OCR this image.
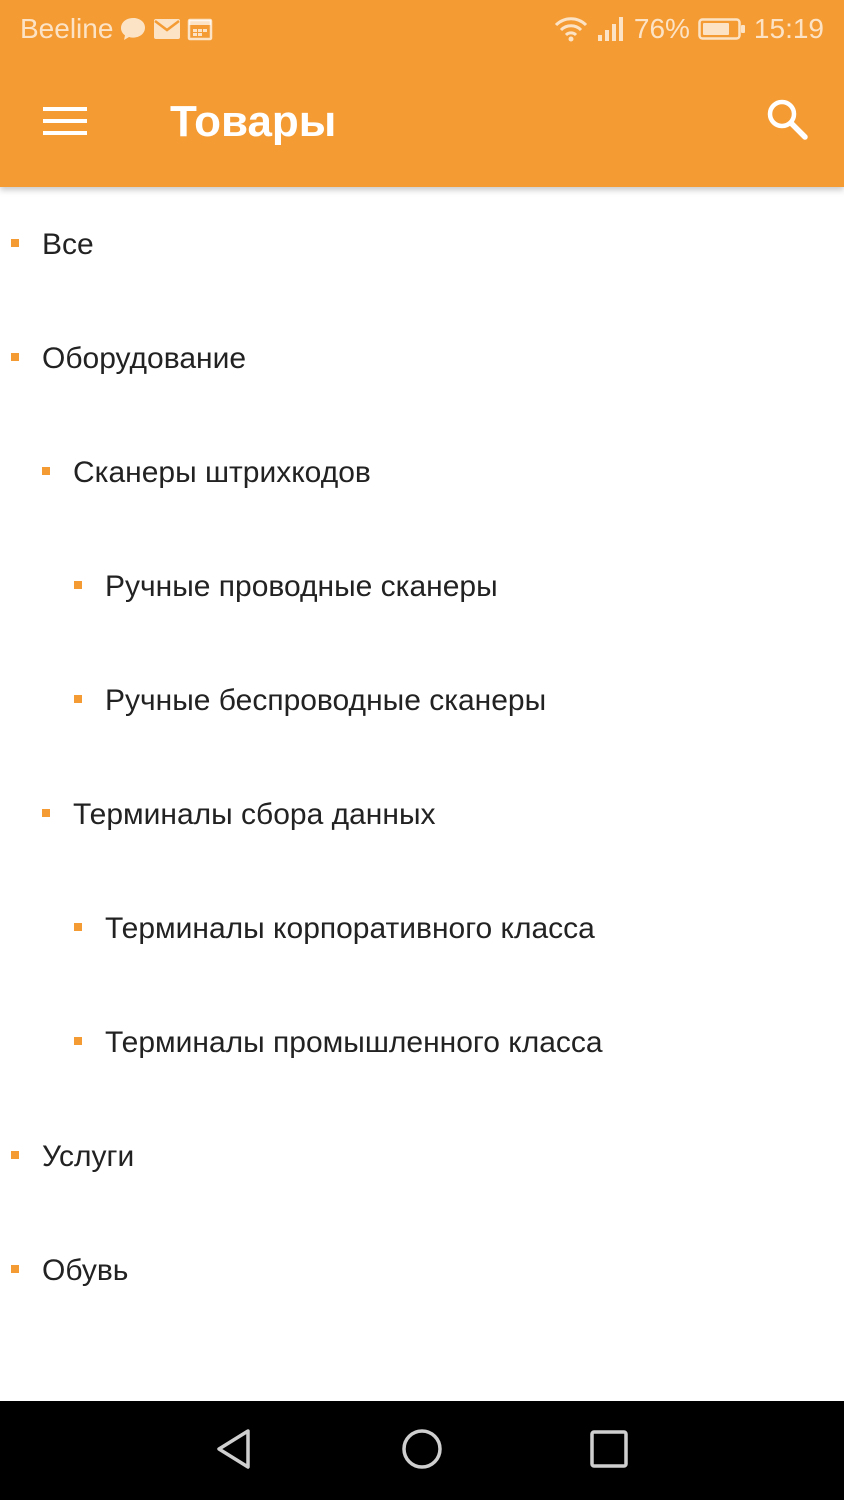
Beeline	76% 15:19
Товары
Все
Оборудование
Сканеры штрихкодов
Ручные проводные сканеры
Ручные беспроводные сканеры
Терминалы сбора данных
Терминалы корпоративного класса
Терминалы промышленного класса
Услуги
Обувь
